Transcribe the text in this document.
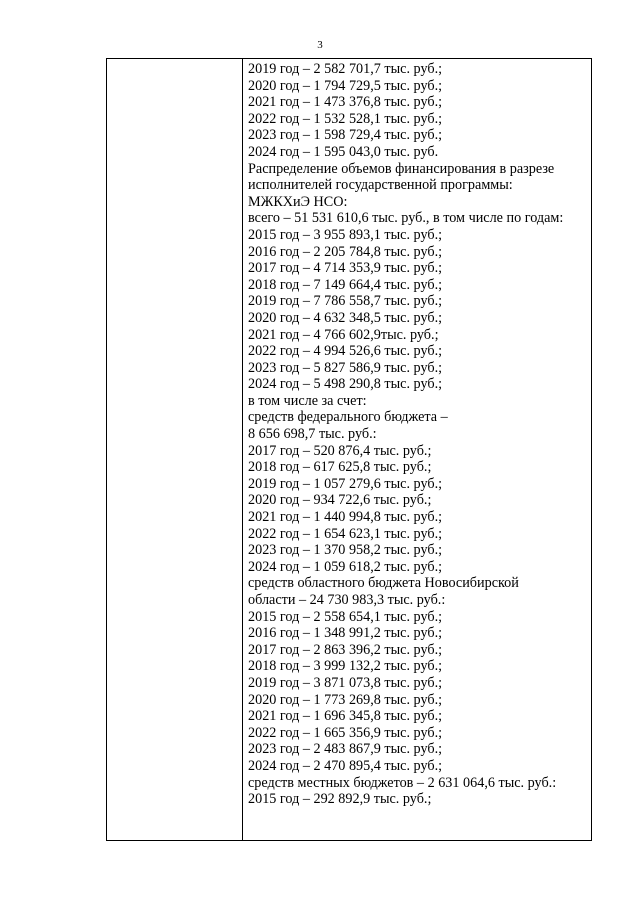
3
2019 год – 2 582 701,7 тыс. руб.;
2020 год – 1 794 729,5 тыс. руб.;
2021 год – 1 473 376,8 тыс. руб.;
2022 год – 1 532 528,1 тыс. руб.;
2023 год – 1 598 729,4 тыс. руб.;
2024 год – 1 595 043,0 тыс. руб.
Распределение объемов финансирования в разрезе
исполнителей государственной программы:
МЖКХиЭ НСО:
всего – 51 531 610,6 тыс. руб., в том числе по годам:
2015 год – 3 955 893,1 тыс. руб.;
2016 год – 2 205 784,8 тыс. руб.;
2017 год – 4 714 353,9 тыс. руб.;
2018 год – 7 149 664,4 тыс. руб.;
2019 год – 7 786 558,7 тыс. руб.;
2020 год – 4 632 348,5 тыс. руб.;
2021 год – 4 766 602,9тыс. руб.;
2022 год – 4 994 526,6 тыс. руб.;
2023 год – 5 827 586,9 тыс. руб.;
2024 год – 5 498 290,8 тыс. руб.;
в том числе за счет:
средств федерального бюджета –
8 656 698,7 тыс. руб.:
2017 год – 520 876,4 тыс. руб.;
2018 год – 617 625,8 тыс. руб.;
2019 год – 1 057 279,6 тыс. руб.;
2020 год – 934 722,6 тыс. руб.;
2021 год – 1 440 994,8 тыс. руб.;
2022 год – 1 654 623,1 тыс. руб.;
2023 год – 1 370 958,2 тыс. руб.;
2024 год – 1 059 618,2 тыс. руб.;
средств областного бюджета Новосибирской
области – 24 730 983,3 тыс. руб.:
2015 год – 2 558 654,1 тыс. руб.;
2016 год – 1 348 991,2 тыс. руб.;
2017 год – 2 863 396,2 тыс. руб.;
2018 год – 3 999 132,2 тыс. руб.;
2019 год – 3 871 073,8 тыс. руб.;
2020 год – 1 773 269,8 тыс. руб.;
2021 год – 1 696 345,8 тыс. руб.;
2022 год – 1 665 356,9 тыс. руб.;
2023 год – 2 483 867,9 тыс. руб.;
2024 год – 2 470 895,4 тыс. руб.;
средств местных бюджетов – 2 631 064,6 тыс. руб.:
2015 год – 292 892,9 тыс. руб.;
